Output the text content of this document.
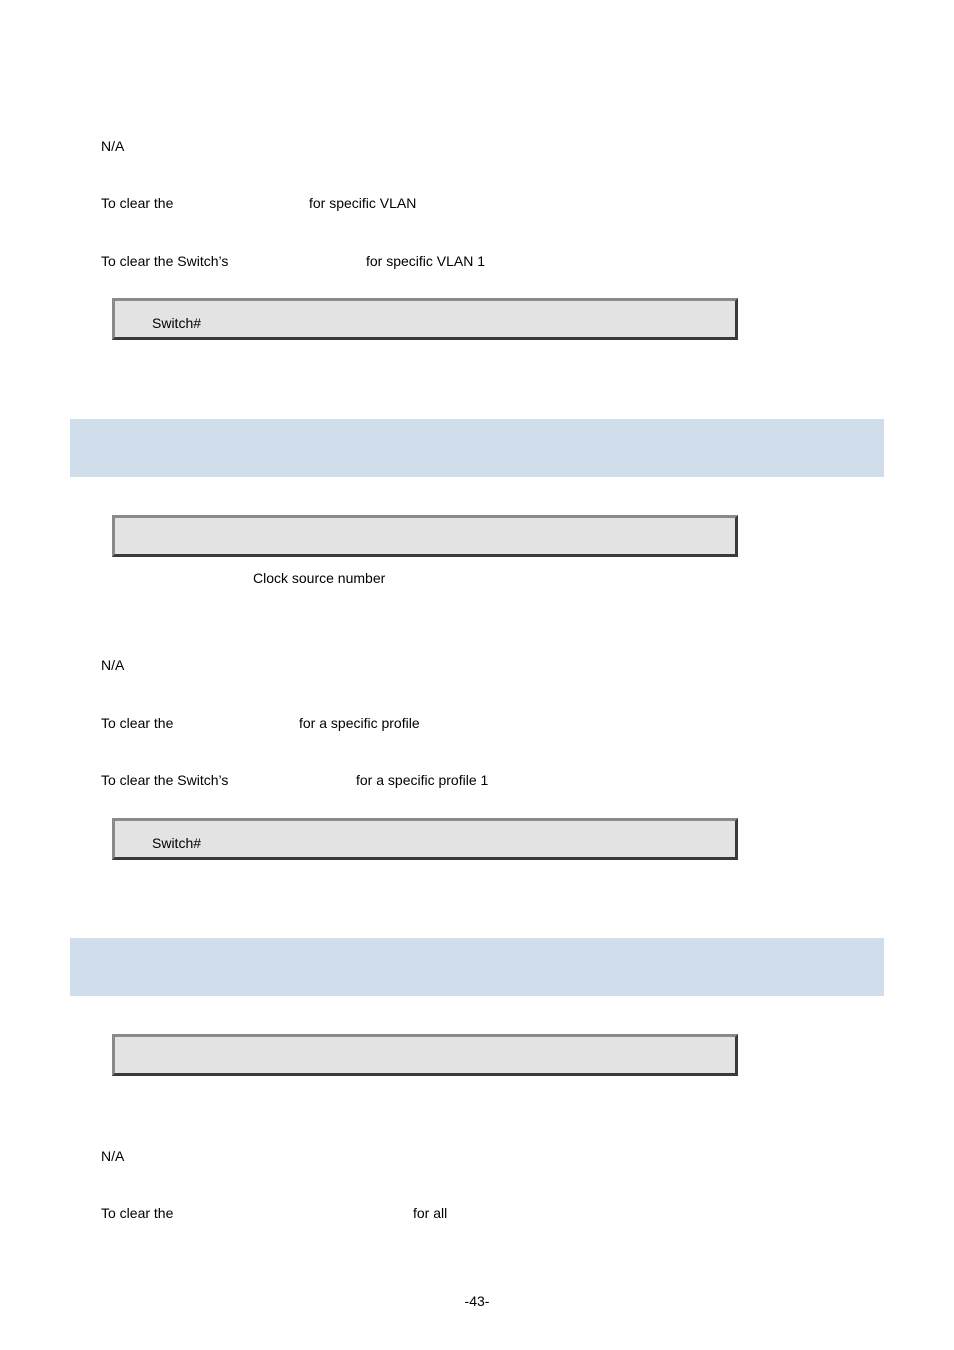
N/A
To clear the	for specific VLAN
To clear the Switch’s	for specific VLAN 1
Switch#
Clock source number
N/A
To clear the	for a specific profile
To clear the Switch’s	for a specific profile 1
Switch#
N/A
To clear the	for all
-43-
